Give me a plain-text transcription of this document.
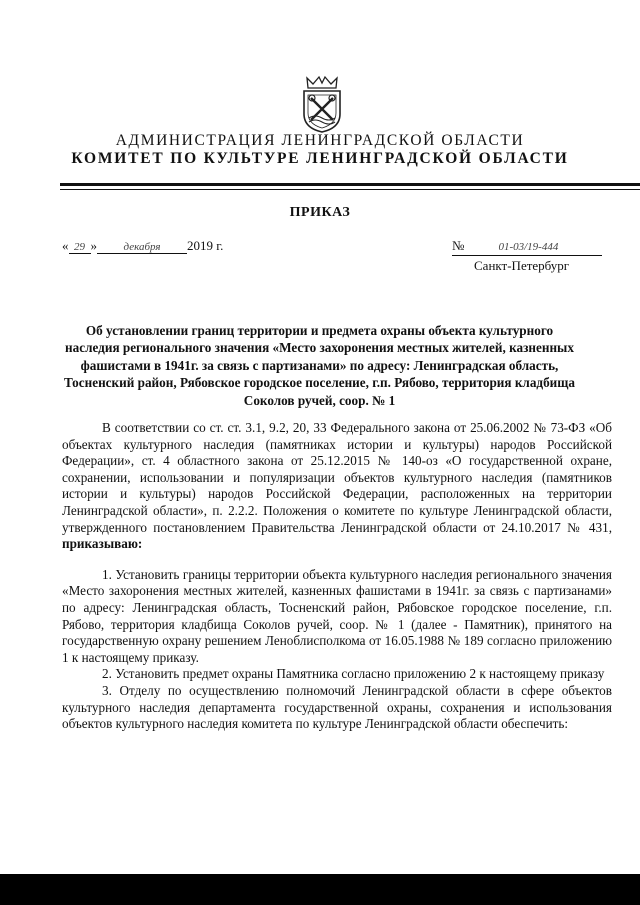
АДМИНИСТРАЦИЯ ЛЕНИНГРАДСКОЙ ОБЛАСТИ
КОМИТЕТ ПО КУЛЬТУРЕ ЛЕНИНГРАДСКОЙ ОБЛАСТИ
ПРИКАЗ
« 29 » декабря 2019 г.	№	01-03/19-444
Санкт-Петербург
Об установлении границ территории и предмета охраны объекта культурного наследия регионального значения «Место захоронения местных жителей, казненных фашистами в 1941г. за связь с партизанами» по адресу: Ленинградская область, Тосненский район, Рябовское городское поселение, г.п. Рябово, территория кладбища Соколов ручей, соор. № 1

В соответствии со ст. ст. 3.1, 9.2, 20, 33 Федерального закона от 25.06.2002 № 73-ФЗ «Об объектах культурного наследия (памятниках истории и культуры) народов Российской Федерации», ст. 4 областного закона от 25.12.2015 № 140-оз «О государственной охране, сохранении, использовании и популяризации объектов культурного наследия (памятников истории и культуры) народов Российской Федерации, расположенных на территории Ленинградской области», п. 2.2.2. Положения о комитете по культуре Ленинградской области, утвержденного постановлением Правительства Ленинградской области от 24.10.2017 № 431, приказываю:

1. Установить границы территории объекта культурного наследия регионального значения «Место захоронения местных жителей, казненных фашистами в 1941г. за связь с партизанами» по адресу: Ленинградская область, Тосненский район, Рябовское городское поселение, г.п. Рябово, территория кладбища Соколов ручей, соор. № 1 (далее - Памятник), принятого на государственную охрану решением Леноблисполкома от 16.05.1988 № 189 согласно приложению 1 к настоящему приказу.

2. Установить предмет охраны Памятника согласно приложению 2 к настоящему приказу

3. Отделу по осуществлению полномочий Ленинградской области в сфере объектов культурного наследия департамента государственной охраны, сохранения и использования объектов культурного наследия комитета по культуре Ленинградской области обеспечить:
